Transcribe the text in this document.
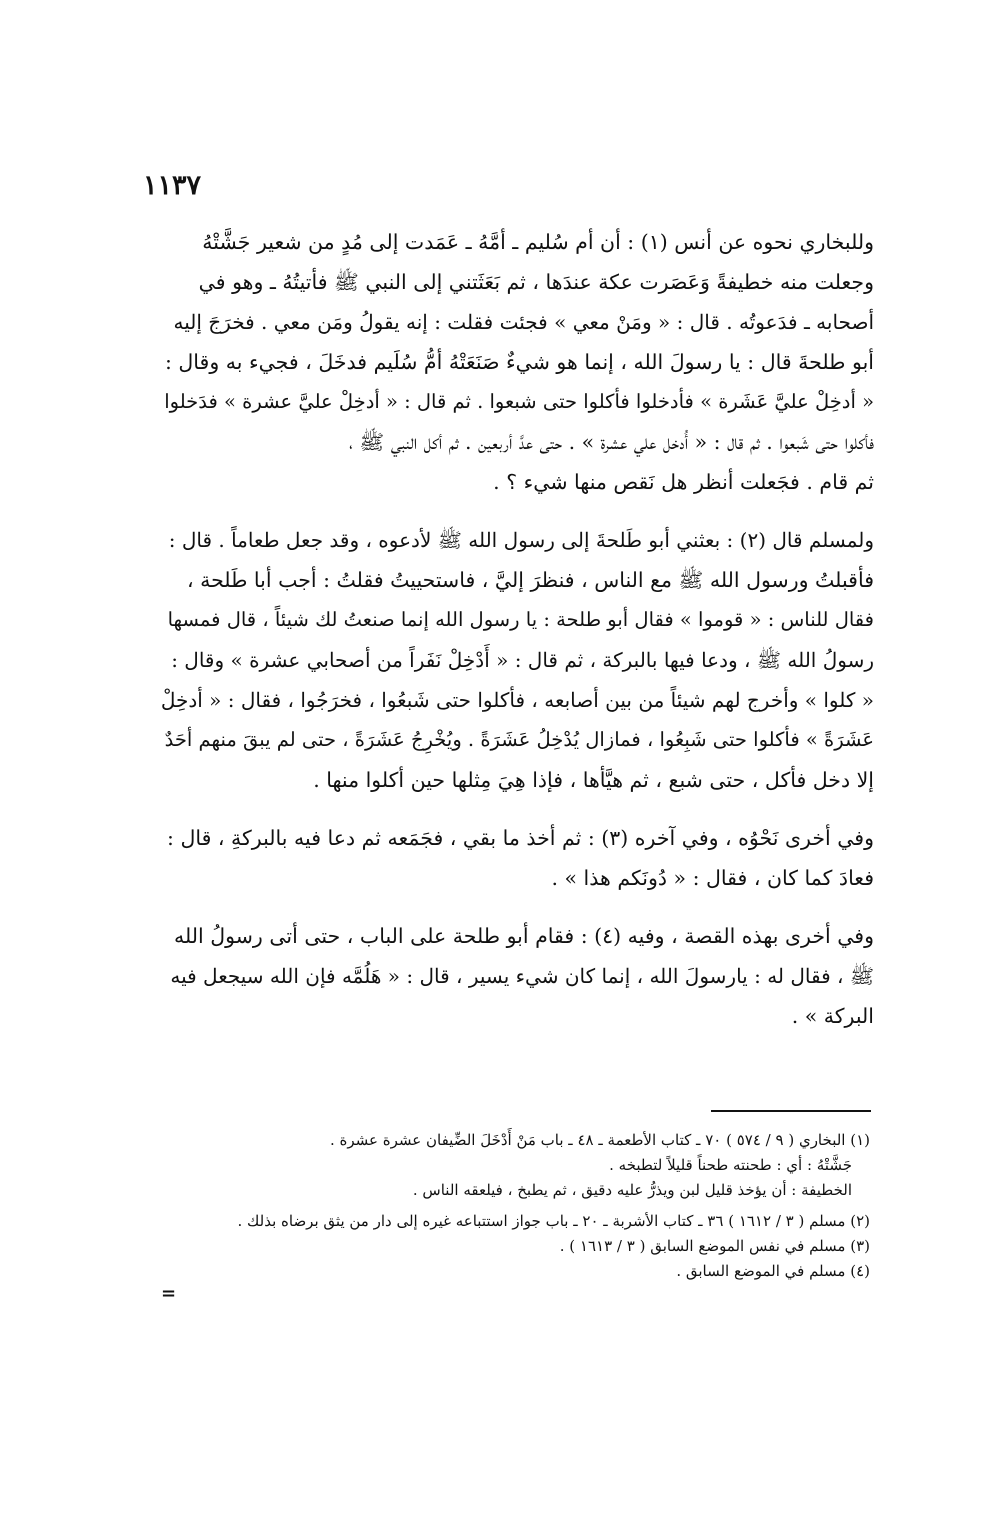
١١٣٧

وللبخاري نحوه عن أنس (١) : أن أم سُليم ـ أمَّهُ ـ عَمَدت إلى مُدٍ من شعير جَشَّتْهُ
وجعلت منه خطيفةً وَعَصَرت عكة عندَها ، ثم بَعَثَتني إلى النبي ﷺ فأتيتُهُ ـ وهو في
أصحابه ـ فدَعوتُه . قال : « ومَنْ معي » فجئت فقلت : إنه يقولُ ومَن معي . فخرَجَ إليه
أبو طلحةَ قال : يا رسولَ الله ، إنما هو شيءٌ صَنَعَتْهُ أمُّ سُلَيم فدخَلَ ، فجيء به وقال :
« أدخِلْ عليَّ عَشَرة » فأدخلوا فأكلوا حتى شبعوا . ثم قال : « أدخِلْ عليَّ عشرة » فدَخلوا
فأكلوا حتى شَبعوا . ثم قال : « أُدخل علي عشرة » . حتى عدَّ أربعين . ثم أكل النبي ﷺ ،
ثم قام . فجَعلت أنظر هل نَقص منها شيء ؟ .

ولمسلم قال (٢) : بعثني أبو طَلحةَ إلى رسول الله ﷺ لأدعوه ، وقد جعل طعاماً . قال :
فأقبلتُ ورسول الله ﷺ مع الناس ، فنظرَ إليَّ ، فاستحييتُ فقلتُ : أجب أبا طَلحة ،
فقال للناس : « قوموا » فقال أبو طلحة : يا رسول الله إنما صنعتُ لك شيئاً ، قال فمسها
رسولُ الله ﷺ ، ودعا فيها بالبركة ، ثم قال : « أَدْخِلْ نَفَراً من أصحابي عشرة » وقال :
« كلوا » وأخرج لهم شيئاً من بين أصابعه ، فأكلوا حتى شَبعُوا ، فخرَجُوا ، فقال : « أدخِلْ
عَشَرَةً » فأكلوا حتى شَبِعُوا ، فمازال يُدْخِلُ عَشَرَةً . ويُخْرِجُ عَشَرَةً ، حتى لم يبقَ منهم أحَدٌ
إلا دخل فأكل ، حتى شبع ، ثم هيَّأها ، فإذا هِيَ مِثلها حين أكلوا منها .

وفي أخرى نَحْوُه ، وفي آخره (٣) : ثم أخذ ما بقي ، فجَمَعه ثم دعا فيه بالبركةِ ، قال :
فعادَ كما كان ، فقال : « دُونَكم هذا » .

وفي أخرى بهذه القصة ، وفيه (٤) : فقام أبو طلحة على الباب ، حتى أتى رسولُ الله
ﷺ ، فقال له : يارسولَ الله ، إنما كان شيء يسير ، قال : « هَلُمَّه فإن الله سيجعل فيه
البركة » .

(١) البخاري ( ٩ / ٥٧٤ ) ٧٠ ـ كتاب الأطعمة ـ ٤٨ ـ باب مَنْ أَدْخَلَ الضِّيفان عشرة عشرة .
جَشَّتْهُ : أي : طحنته طحناً قليلاً لتطبخه .
الخطيفة : أن يؤخذ قليل لبن ويذرُّ عليه دقيق ، ثم يطبخ ، فيلعقه الناس .
(٢) مسلم ( ٣ / ١٦١٢ ) ٣٦ ـ كتاب الأشربة ـ ٢٠ ـ باب جواز استتباعه غيره إلى دار من يثق برضاه بذلك .
(٣) مسلم في نفس الموضع السابق ( ٣ / ١٦١٣ ) .
(٤) مسلم في الموضع السابق .
=
